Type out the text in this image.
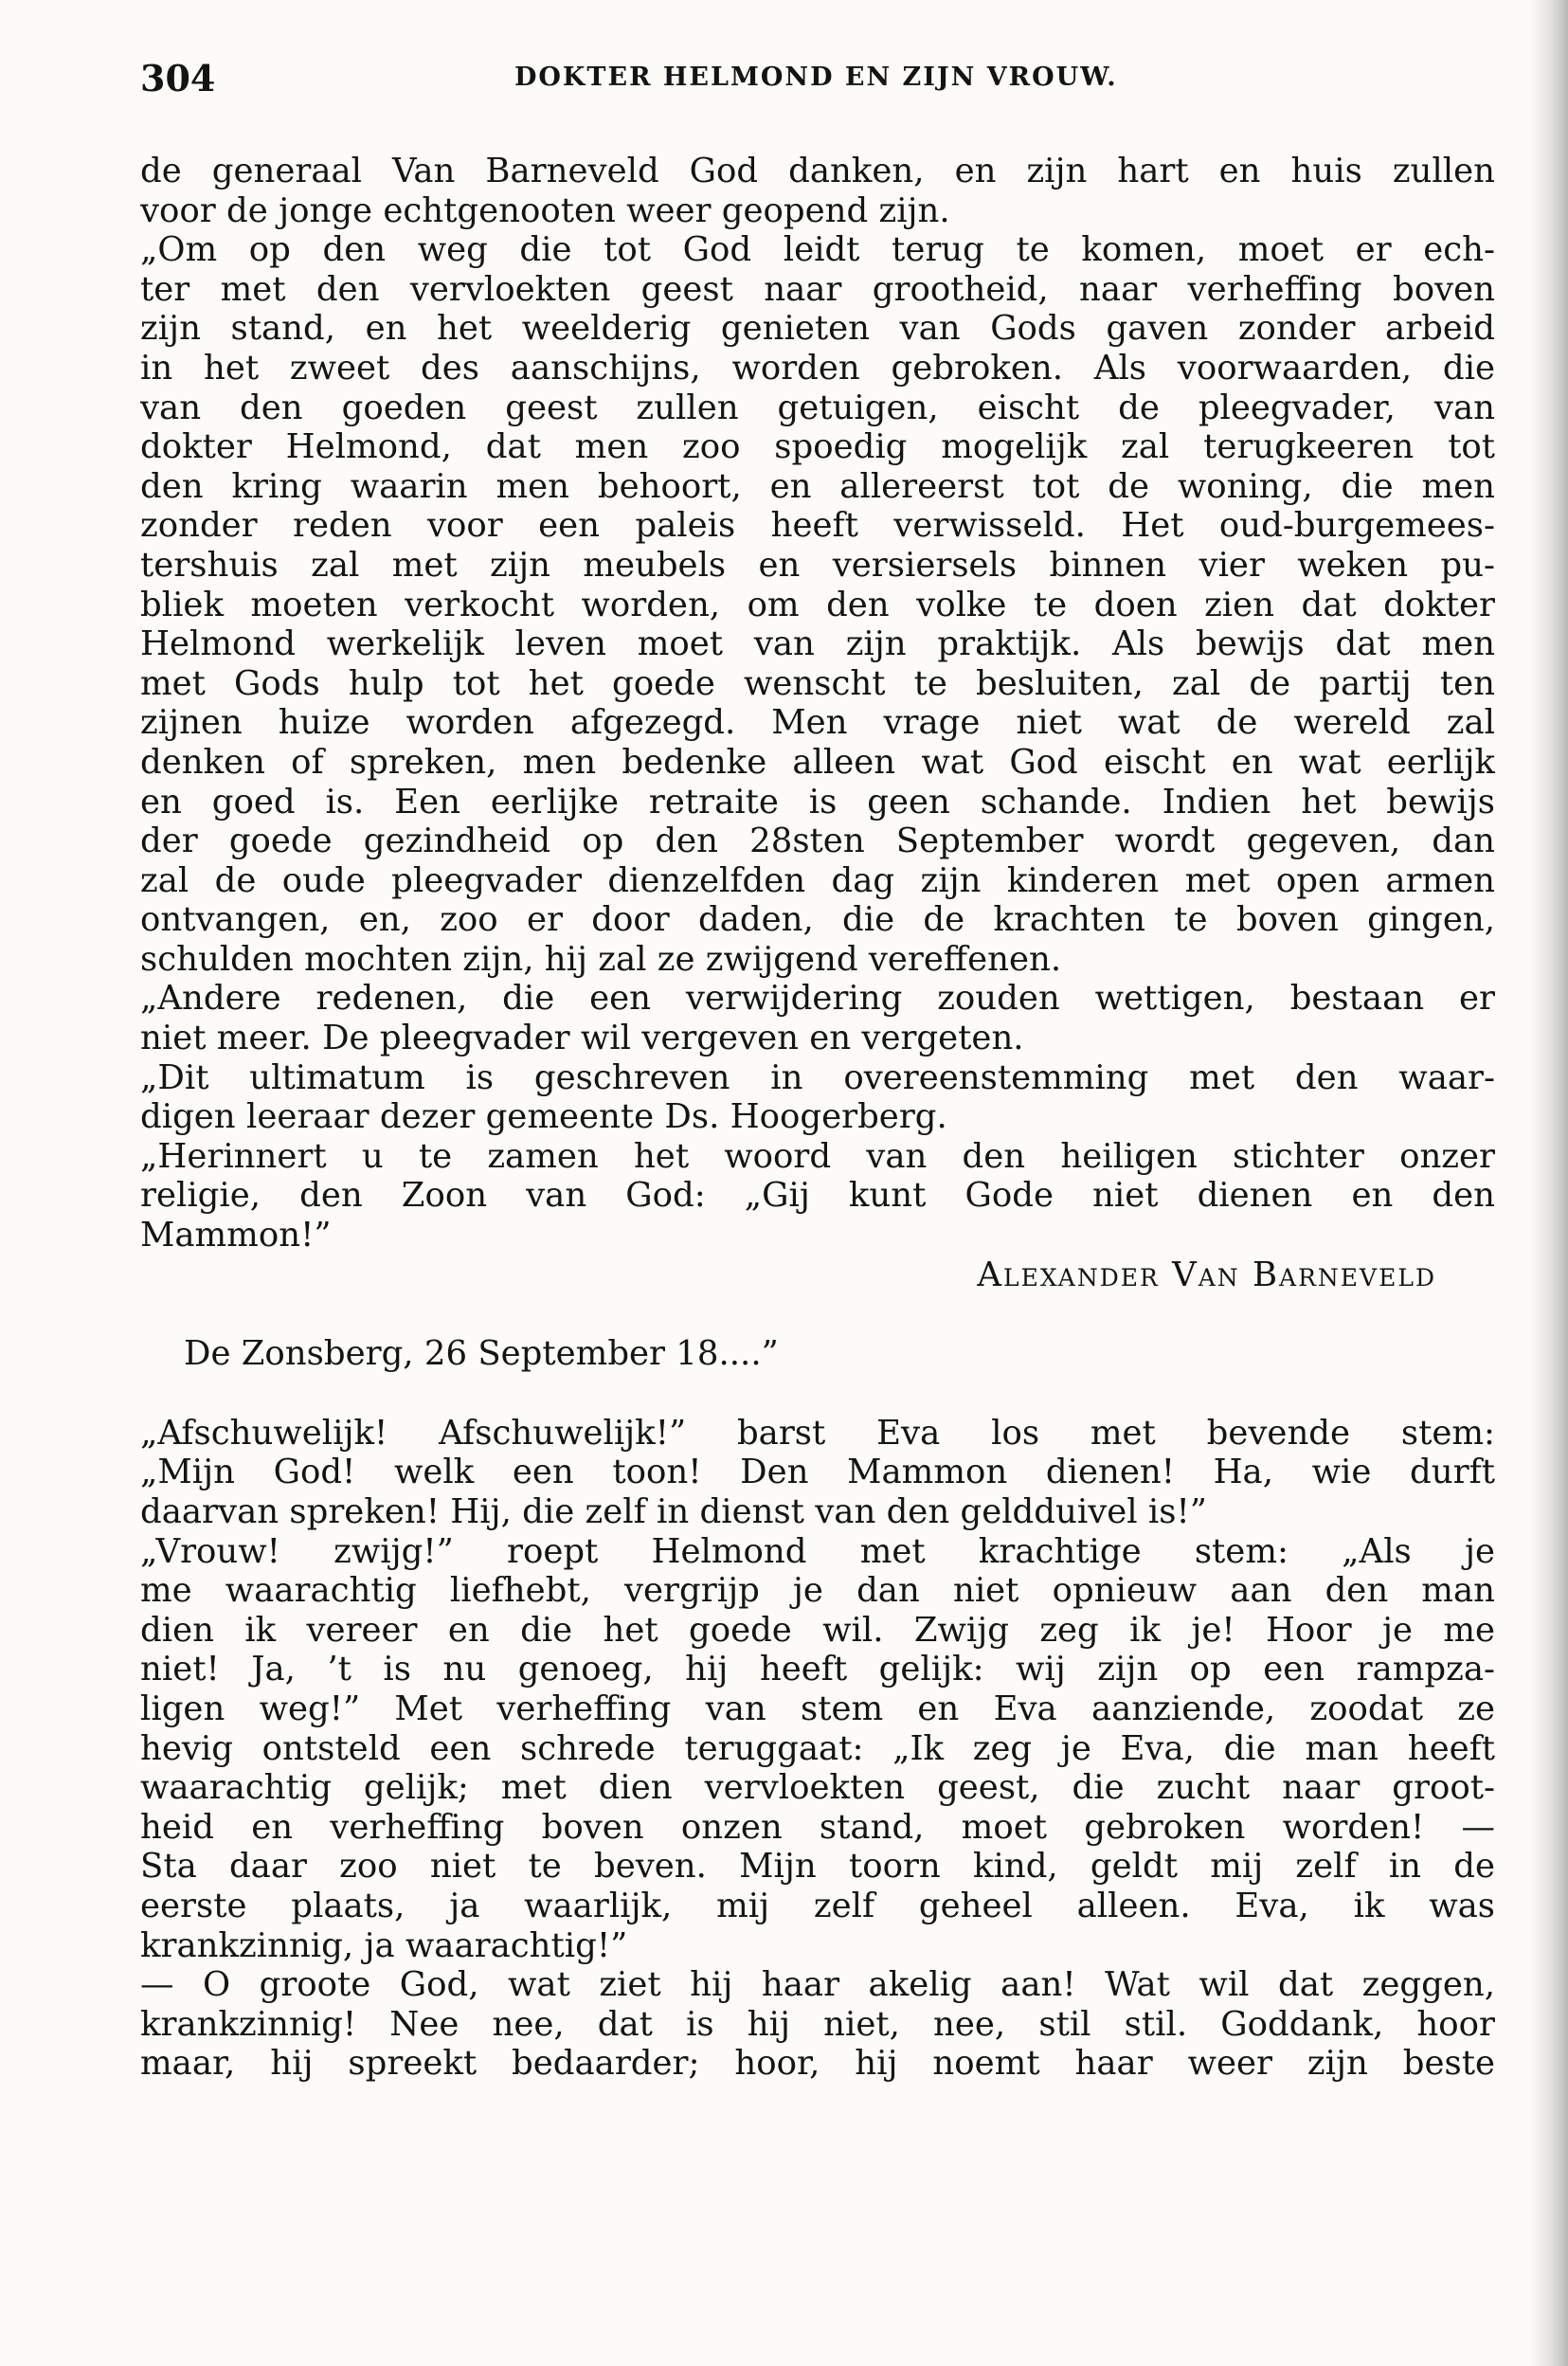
304	DOKTER HELMOND EN ZIJN VROUW.
de generaal Van Barneveld God danken, en zijn hart en huis zullen
voor de jonge echtgenooten weer geopend zijn.
„Om op den weg die tot God leidt terug te komen, moet er ech-
ter met den vervloekten geest naar grootheid, naar verheffing boven
zijn stand, en het weelderig genieten van Gods gaven zonder arbeid
in het zweet des aanschijns, worden gebroken. Als voorwaarden, die
van den goeden geest zullen getuigen, eischt de pleegvader, van
dokter Helmond, dat men zoo spoedig mogelijk zal terugkeeren tot
den kring waarin men behoort, en allereerst tot de woning, die men
zonder reden voor een paleis heeft verwisseld. Het oud-burgemees-
tershuis zal met zijn meubels en versiersels binnen vier weken pu-
bliek moeten verkocht worden, om den volke te doen zien dat dokter
Helmond werkelijk leven moet van zijn praktijk. Als bewijs dat men
met Gods hulp tot het goede wenscht te besluiten, zal de partij ten
zijnen huize worden afgezegd. Men vrage niet wat de wereld zal
denken of spreken, men bedenke alleen wat God eischt en wat eerlijk
en goed is. Een eerlijke retraite is geen schande. Indien het bewijs
der goede gezindheid op den 28sten September wordt gegeven, dan
zal de oude pleegvader dienzelfden dag zijn kinderen met open armen
ontvangen, en, zoo er door daden, die de krachten te boven gingen,
schulden mochten zijn, hij zal ze zwijgend vereffenen.
„Andere redenen, die een verwijdering zouden wettigen, bestaan er
niet meer. De pleegvader wil vergeven en vergeten.
„Dit ultimatum is geschreven in overeenstemming met den waar-
digen leeraar dezer gemeente Ds. Hoogerberg.
„Herinnert u te zamen het woord van den heiligen stichter onzer
religie, den Zoon van God: „Gij kunt Gode niet dienen en den
Mammon!”
Alexander Van Barneveld
De Zonsberg, 26 September 18....”
„Afschuwelijk! Afschuwelijk!” barst Eva los met bevende stem:
„Mijn God! welk een toon! Den Mammon dienen! Ha, wie durft
daarvan spreken! Hij, die zelf in dienst van den geldduivel is!”
„Vrouw! zwijg!” roept Helmond met krachtige stem: „Als je
me waarachtig liefhebt, vergrijp je dan niet opnieuw aan den man
dien ik vereer en die het goede wil. Zwijg zeg ik je! Hoor je me
niet! Ja, ’t is nu genoeg, hij heeft gelijk: wij zijn op een rampza-
ligen weg!” Met verheffing van stem en Eva aanziende, zoodat ze
hevig ontsteld een schrede teruggaat: „Ik zeg je Eva, die man heeft
waarachtig gelijk; met dien vervloekten geest, die zucht naar groot-
heid en verheffing boven onzen stand, moet gebroken worden! —
Sta daar zoo niet te beven. Mijn toorn kind, geldt mij zelf in de
eerste plaats, ja waarlijk, mij zelf geheel alleen. Eva, ik was
krankzinnig, ja waarachtig!”
— O groote God, wat ziet hij haar akelig aan! Wat wil dat zeggen,
krankzinnig! Nee nee, dat is hij niet, nee, stil stil. Goddank, hoor
maar, hij spreekt bedaarder; hoor, hij noemt haar weer zijn beste
